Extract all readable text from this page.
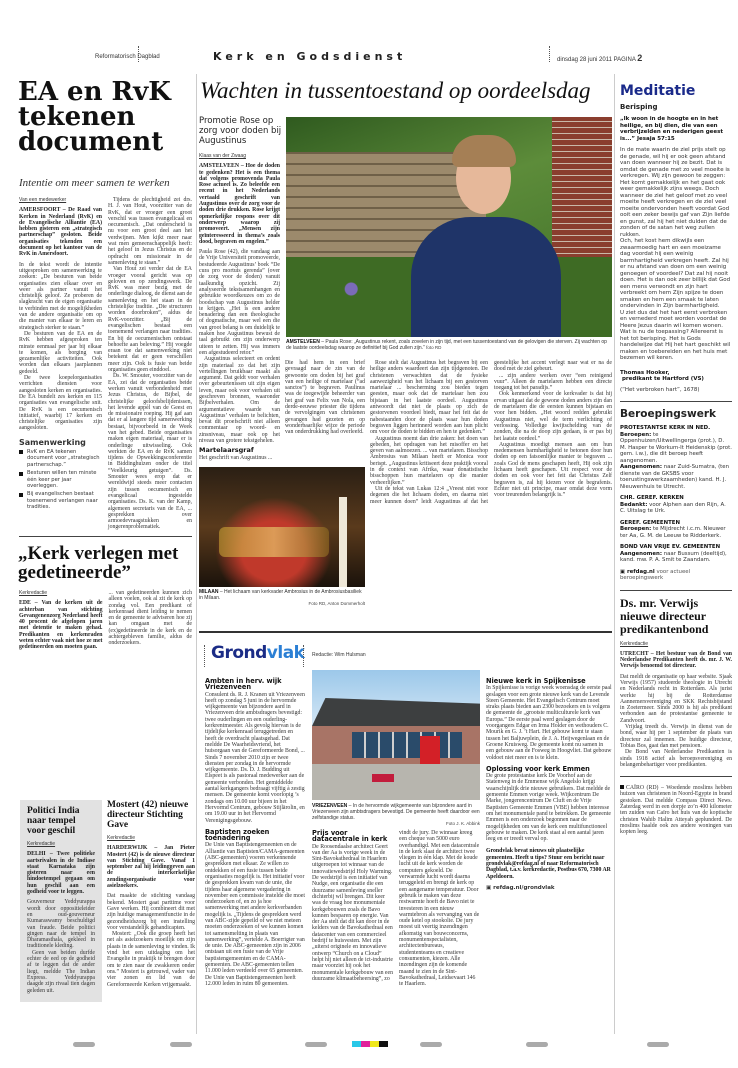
Reformatorisch Dagblad	Kerk en Godsdienst	dinsdag 28 juni 2011 PAGINA 2
EA en RvK tekenen document
Intentie om meer samen te werken
Van een medewerker
AMERSFOORT – De Raad van Kerken in Nederland (RvK) en de Evangelische Alliantie (EA) hebben gisteren een „strategisch partnerschap” gesloten. Beide organisaties tekenden een document op het kantoor van de RvK in Amersfoort.

In de tekst wordt de intentie uitgesproken om samenwerking te zoeken: „De besturen van beide organisaties zien elkaar over en weer als partner vanuit het christelijk geloof. Ze proberen de slagkracht van de eigen organisatie te verbinden met de mogelijkheden van de andere organisatie om op die manier van elkaar te leren en strategisch sterker te staan.”

De besturen van de EA en de RvK hebben afgesproken ten minste eenmaal per jaar bij elkaar te komen, als borging van gezamenlijke activiteiten. Ook worden dan elkaars jaarplannen gedeeld.

De twee koepelorganisaties verrichten diensten voor aangesloten kerken en organisaties. De EA bundelt zes kerken en 115 organisaties van evangelische snit. De RvK is een oecumenisch initiatief, waarbij 17 kerken en christelijke organisaties zijn aangesloten.

Samenwerking
RvK en EA tekenen document voor „strategisch partnerschap.”
Besturen willen ten minste één keer per jaar overleggen.
Bij evangelischen bestaat toenemend verlangen naar tradities.

Tijdens de plechtigheid zei drs. H. J. van Hout, voorzitter van de RvK, dat er vroeger een groot verschil was tussen evangelicaal en oecumenisch. „Dat onderscheid is nu voor een groot deel aan het verdwijnen. Men kijkt meer naar wat men gemeenschappelijk heeft: het geloof in Jezus Christus en de opdracht om missionair in de samenleving te staan.”

Van Hout zei verder dat de EA vroeger vooral gericht was op geloven en op zendingswerk. De RvK was meer bezig met de onderlinge dialoog, de dienst aan de samenleving en het staan in de christelijke traditie. „Die structuren worden doorbroken”, aldus de RvK-voorzitter. „Bij de evangelischen bestaat een toenemend verlangen naar tradities. En bij de oecumenischen ontstaat behoefte aan beleving.” Hij voegde eraan toe dat samenwerking niet betekent dat er geen verschillen meer zijn. Ook is fusie van beide organisaties geen einddoel.

Ds. W. Smouter, voorzitter van de EA, zei dat de organisaties beide werken vanuit verbondenheid met Jezus Christus, de Bijbel, de christelijke geloofsbelijdenissen, het levende appèl van de Geest en de missionaire roeping. Hij gaf aan dat er al langere tijd samenwerking bestaat, bijvoorbeeld in de Week van het gebed. Beide organisaties maken eigen materiaal, maar er is onderlinge uitwisseling. Ook werkten de EA en de RvK samen tijdens de Opwekkingsconferentie in Biddinghuizen onder de titel “Veelkleurig getuigen”. Ds. Smouter wees erop dat er wereldwijd steeds meer contacten zijn tussen oecumenisch en evangelicaal ingestelde organisaties. Ds. K. van der Kamp, algemeen secretaris van de EA, ... gesprekken over armoedevraagstukken en jongerenproblematiek.

„Kerk verlegen met gedetineerde”
Kerkredactie
EDE – Van de kerken uit de achterban van stichting Gevangenenzorg Nederland heeft 40 procent de afgelopen jaren met detentie te maken gehad. Predikanten en kerkenraden weten echter vaak niet hoe ze met gedetineerden om moeten gaan.

... van gedetineerden kunnen zich alleen voelen, ook al zit de kerk op zondag vol. Een predikant of kerkenraad dient leiding te nemen en de gemeente te adviseren hoe zij kan omgaan met de (ex)gedetineerde in de kerk en de achtergebleven familie, aldus de onderzoekers.

Politici India naar tempel voor geschil
Kerkredactie
DELHI – Twee politieke aartsrivalen in de Indiase staat Karnataka zijn gisteren naar een hindoetempel gegaan om hun geschil aan een godheid voor te leggen.

Gouverneur Yeddyurappa wordt door oppositieleider en oud-gouverneur Kumaraswamy beschuldigd van fraude. Beide politici gingen naar de tempel in Dharamasthala, gekleed in traditionele kleding.

Geen van beiden durfde echter de eed op de godheid af te leggen dat de ander liegt, meldde The Indian Express. Yeddyurappa daagde zijn rivaal tien dagen geleden uit.

Mostert (42) nieuwe directeur Stichting Gave
Kerkredactie
HARDERWIJK – Jan Pieter Mostert (42) is de nieuwe directeur van Stichting Gave. Vanaf 1 september zal hij leidinggeven aan de interkerkelijke zendingsorganisatie voor asielzoekers.

Dat maakte de stichting vandaag bekend. Mostert gaat parttime voor Gave werken. Hij combineert dit met zijn huidige managementfunctie in de gezondheidszorg bij een instelling voor verstandelijk gehandicapten.

Mostert: „Ook die groep heeft het net als asielzoekers moeilijk om zijn plaats in de samenleving te vinden. Ik vind het een uitdaging om het Evangelie in praktijk te brengen door om te zien naar de zwakkeren onder ons.” Mostert is getrouwd, vader van vier zonen en lid van de Gereformeerde Kerken vrijgemaakt.

Wachten in tussentoestand op oordeelsdag
Promotie Rose op zorg voor doden bij Augustinus
Klaas van der Zwaag
AMSTELVEEN – Hoe de doden te gedenken? Het is een thema dat volgens promovenda Paula Rose actueel is. Zo beleefde een recent in het Nederlands vertaald geschrift van Augustinus over de zorg voor de doden drie drukken. Rose krijgt opmerkelijke respons over dit onderwerp waarop zij promoveert. „Mensen zijn geïnteresseerd in thema’s zoals dood, begraven en engelen.”

Paula Rose (42), die vandaag aan de Vrije Universiteit promoveerde, bestudeerde Augustinus’ boek “De cura pro mortuis gerenda” (over de zorg voor de doden) vanuit taalkundig opzicht. Zij analyseerde tekstsamenhangen en gebruikte woordkeuzes om zo de boodschap van Augustinus helder te krijgen. „Het is een andere benadering dan een theologische of dogmatische, maar wel een die van groot belang is om duidelijk te maken hoe Augustinus bewust de taal gebruikt om zijn onderwerp uiteen te zetten. Hij was immers een afgestudeerd retor.”

Augustinus selecteert en ordent zijn materiaal zo dat het zijn vertellingen bruikbaar maakt als argument. Dat geldt voor verhalen over gebeurtenissen uit zijn eigen leven, maar ook voor verhalen uit geschreven bronnen, waaronder Bijbelverhalen. Om de argumentatieve waarde van Augustinus’ verhalen te belichten, bevat dit proefschrift niet alleen commentaar op woord- en zinsniveau, maar ook op het niveau van grotere tekstgehelen.

Martelaarsgraf

Het geschrift van Augustinus ...

Die had hem in een brief gevraagd naar de zin van de gewoonte om doden bij het graf van een heilige of martelaar (“ad sanctos”) te begraven. Paulinus was de toegewijde beheerder van het graf van Felix van Nola, een derde-eeuwse priester die tijdens de vervolgingen van christenen gevangen had gezeten en op wonderbaarlijke wijze de periode van onderdrukking had overleefd.

MILAAN – Het lichaam van kerkvader Ambrosius in de Ambrosiusbasiliek in Milaan.
Foto RD, Anton Dommerholt
AMSTELVEEN – Paula Rose: „Augustinus rekent, zoals zovelen in zijn tijd, met een tussentoestand van de gelovigen die sterven. Zij wachten op de laatste oordeelsdag waarop ze definitief bij God zullen zijn.” foto RD

Rose stelt dat Augustinus het begraven bij een heilige anders waardeert dan zijn tijdgenoten. De christenen verwachtten dat de fysieke aanwezigheid van het lichaam bij een gestorven martelaar ... bescherming zou bieden tegen geesten, maar ook dat de martelaar hen zou bijstaan in het laatste oordeel. Augustinus antwoordt dat niet de plaats op zich de gestorvenen voordeel biedt, maar het feit dat de nabestaanden door de plaats waar hun doden begraven liggen herinnerd worden aan hun plicht om voor de doden te bidden en hen te gedenken.”

Augustinus noemt dan drie zaken: het doen van gebeden, het opdragen van het misoffer en het geven van aalmoezen. ... van martelaren. Bisschop Ambrosius van Milaan heeft er Monica voor berispt. „Augustinus kritiseert deze praktijk vooral in de context van Afrika, waar donatistische bisschoppen hun martelaren op die manier verheerlijken.”

Uit de tekst van Lukas 12:4 „Vreest niet voor degenen die het lichaam doden, en daarna niet meer kunnen doen” leidt Augustinus af dat het geestelijke het accent verlegt naar wat er na de dood met de ziel gebeurt.

... zijn andere werken over “een reinigend vuur”. Alleen de martelaren hebben een directe toegang tot het paradijs.”

Ook kenmerkend voor de kerkvader is dat hij ervan uitgaat dat de gewone doden anders zijn dan de martelaren die de eersten kunnen bijstaan en voor hen bidden. „Het woord redden gebruikt Augustinus niet, wel de term verlichting of verlossing. Volledige kwijtschelding van de zonden, die na de doop zijn gedaan, is er pas bij het laatste oordeel.”

Augustinus moedigt mensen aan om hun medemensen barmhartigheid te betonen door hun doden op een fatsoenlijke manier te begraven ... zoals God de mens geschapen heeft, Hij ook zijn lichaam heeft geschapen. Uit respect voor de doden en ook voor het feit dat Christus Zelf begraven is, zal hij kiezen voor de begrafenis. Echter niet uit principe, maar omdat deze vorm voor treurenden belangrijk is.”

Grondvlak Redactie: Wim Hulsman
Ambten in herv. wijk Vriezenveen
Consulent ds. R. J. Kranen uit Vriezenveen heeft op zondag 5 juni in de hervormde wijkgemeente van bijzondere aard in Vriezenveen drie ambtsdragers bevestigd: twee ouderlingen en een ouderling-kerkrentmeester. Als gevolg hiervan is de tijdelijke kerkenraad teruggetreden en heeft de overdracht plaatsgehad. Dat meldde De Waarheidsvriend, het huisorgaan van de Gereformeerde Bond, ... Sinds 7 november 2010 zijn er twee diensten per zondag in de hervormde wijkgemeente. Ds. D. J. Budding uit Elspeet is als pastoraal medewerker aan de gemeente verbonden. Het gemiddelde aantal kerkgangers bedraagt vijftig à zestig mensen. De gemeente komt voorlopig ’s zondags om 10.00 uur bijeen in het Hervormd Centrum, gebouw Stijlärolin, en om 19.00 uur in het Hervormd Verenigingsgebouw.
Baptisten zoeken toenadering
De Unie van Baptistengemeenten en de Alliantie van Baptisten/CAMA-gemeenten (ABC-gemeenten) voeren verkennende gesprekken met elkaar. Ze willen zo ontdekken of een fusie tussen beide organisaties mogelijk is. Het initiatief voor de gesprekken kwam van de unie, die tijdens haar algemene vergadering in november een commissie instelde die moet onderzoeken of, en zo ja hoe samenwerking met andere kerkverbanden mogelijk is. „Tijdens de gesprekken werd van ABC-zijde gepeild of we niet meteen moeten onderzoeken of we kunnen komen tot samensmelting in plaats van samenwerking”, vertelde A. Boerrigter van de unie. De ABC-gemeenten zijn in 2006 ontstaan uit een fusie van de Vrije baptistengemeenten en de CAMA-gemeenten. De ABC-gemeenten tellen 11.000 leden verdeeld over 65 gemeenten. De Unie van Baptistengemeenten heeft 12.000 leden in ruim 80 gemeenten.
VRIEZENVEEN – In de hervormde wijkgemeente van bijzondere aard in Vriezenveen zijn ambtsdragers bevestigd. De gemeente heeft daardoor een zelfstandige status.
Foto J. K. Abbink
Prijs voor datacentrale in kerk
De Roosendaalse architect Geert van der Aa is vorige week in de Sint-Bavokathedraal in Haarlem uitgeroepen tot winnaar van de innovatiewedstrijd Holy Warming. De wedstrijd is een initiatief van Nudge, een organisatie die een duurzame samenleving sneller dichterbij wil brengen. Dit keer was de vraag hoe monumentale kerkgebouwen zoals de Bavo kunnen besparen op energie. Van der Aa stelt dat dit kan door in de kelders van de Bavokathedraal een datacenter van een commercieel bedrijf te huisvesten. Met zijn „uiterst originele en innovatieve ontwerp “Church on a Cloud” helpt hij niet alleen de ict-industrie maar voorziet hij ook het monumentale kerkgebouw van een duurzame klimaatbeheersing”, zo vindt de jury. De winnaar kreeg een cheque van 5000 euro overhandigd. Met een datacentrale in de kerk slaat de architect twee vliegen in één klap. Met de koude lucht uit de kerk worden de computers gekoeld. De verwarmde lucht wordt daarna teruggeleid en brengt de kerk op een aangename temperatuur. Door gebruik te maken van deze restwarmte hoeft de Bavo niet te investeren in een nieuw warmtebron als vervanging van de oude ketel op stookolie. De jury moest uit veertig inzendingen afkomstig van bouwconcerns, monumentenspecialisten, architectenbureaus, studententeams en creatieve consumenten, kiezen. Alle inzendingen zijn de komende maand te zien in de Sint-Bavokathedraal, Leidsevaart 146 te Haarlem.
Nieuwe kerk in Spijkenisse
In Spijkenisse is vorige week woensdag de eerste paal geslagen voor een grote nieuwe kerk van de Levende Steen Gemeente. Het Evangelisch Centrum moet straks plaats bieden aan 2300 bezoekers en is volgens de gemeente de „grootste multiculturele kerk van Europa.” De eerste paal werd geslagen door de voorgangers Edgar en Irma Holder en wethouders C. Mourik en G. J. ’t Hart. Het gebouw komt te staan tussen het Baljuwplein, de J. A. Heijwegenlaan en de Groene Kruisweg. De gemeente komt nu samen in een gebouw aan de Fosweg in Hoogvliet. Dat gebouw voldoet niet meer en is te klein.
Oplossing voor kerk Emmen
De grote protestantse kerk De Voorhof aan de Statenweg in de Emmense wijk Angelslo krijgt waarschijnlijk drie nieuwe gebruikers. Dat meldde de gemeente Emmen vorige week. Wijkcentrum De Marke, jongerencentrum De Cluft en de Vrije Baptisten Gemeente Emmen (VBE) hebben interesse om het monumentale pand te betrekken. De gemeente Emmen is een onderzoek begonnen naar de mogelijkheden om van de kerk een multifunctioneel gebouw te maken. De kerk staat al een aantal jaren leeg en er treedt verval op.
Grondvlak bevat nieuws uit plaatselijke gemeenten. Heeft u tips? Stuur een bericht naar grondvlak@refdag.nl of naar Reformatorisch Dagblad, t.a.v. kerkredactie, Postbus 670, 7300 AR Apeldoorn.
▣ refdag.nl/grondvlak
Meditatie
Berisping
„Ik woon in de hoogte en in het heilige, en bij dien, die van een verbrijzelden en nederigen geest is...” Jesaja 57:15

In de mate waarin de ziel prijs stelt op de genade, wil hij er ook geen afstand van doen wanneer hij ze bezit. Dat is omdat de genade met zo veel moeite is verkregen. Wij zijn gewoon te zeggen: Het komt gemakkelijk en het gaat ook weer gemakkelijk zijns weegs. Doch wanneer de ziel het geloof met zo veel moeite heeft verkregen en de ziel veel moeite ondervonden heeft voordat God ooit een zeker bewijs gaf van Zijn liefde en gunst, zal hij het niet dulden dat de zonden of de satan het weg zullen rukken.

Och, het kost hem dikwijls een zwaarmoedig hart en een moeizame dag voordat hij een weinig barmhartigheid verkregen heeft. Zal hij er nu afstand van doen om een weinig genoegen of voordeel? Dat zal hij nooit doen. Het is dan ook zeer billijk dat God een mens verwondt en zijn hart verbreekt om hem Zijn spijze te doen smaken en hem een smaak te laten ondervinden in Zijn barmhartigheid.

U ziet dus dat het hart eerst verbroken en vernederd moet worden voordat de Heere Jezus daarin wil komen wonen. Wat is nu de toepassing? Allereerst is het tot berisping. Het is Gods handelwijze dat Hij het hart geschikt wil maken en toebereiden en het huis met bezemen wil keren.

Thomas Hooker,
predikant te Hartford (VS)
(“Het verbroken hart”, 1678)
Beroepingswerk
PROTESTANTSE KERK IN NED.
Beroepen: te Oppenhuizen/Uitwellingerga (prot.), D. M. Hasper te Workum-It Heidenskip (prot. gem. i.w.), die dit beroep heeft aangenomen.
Aangenomen: naar Zuid-Sumatra, (ten dienste van de GKSBS voor toerustingswerkzaamheden) kand. H. J. Nieuwenhuis te Utrecht.
CHR. GEREF. KERKEN
Bedankt: voor Alphen aan den Rijn, A. C. Uitslag te Urk.
GEREF. GEMEENTEN
Beroepen: te Mijdrecht i.c.m. Nieuwer ter Aa, G. M. de Leeuw te Ridderkerk.
BOND VAN VRIJE EV. GEMEENTEN
Aangenomen: naar Bussum (deeltijd), kand. mw. P. A. Smit te Zaandam.
▣ refdag.nl voor actueel beroepingswerk
Ds. mr. Verwijs nieuwe directeur predikantenbond
Kerkredactie
UTRECHT – Het bestuur van de Bond van Nederlandse Predikanten heeft ds. mr. J. W. Verwijs benoemd tot directeur.

Dat meldt de organisatie op haar website. Sjaak Verwijs (1957) studeerde theologie in Utrecht en Nederlands recht in Rotterdam. Als jurist werkte hij bij de Rotterdamse Aannemersvereniging en SKK Rechtsbijstand in Zoetermeer. Sinds 2000 is hij als predikant verbonden aan de protestantse gemeente te Zandvoort.

Vrijdag treedt ds. Verwijs in dienst van de bond, waar hij per 1 september de plaats van directeur zal innemen. De huidige directeur, Tobias Bos, gaat dan met pensioen.

De Bond van Nederlandse Predikanten is sinds 1918 actief als beroepsvereniging en belangenbehartiger voor predikanten.

CAÏRO (RD) – Woedende moslims hebben huizen van christenen in Noord-Egypte in brand gestoken. Dat meldde Compass Direct News. Zaterdag werd in een dorpje zo’n 400 kilometer ten zuiden van Caïro het huis van de koptische christen Wahib Halim Atteyah geplunderd. De moslims haalde ook zes andere woningen van kopten leeg.
